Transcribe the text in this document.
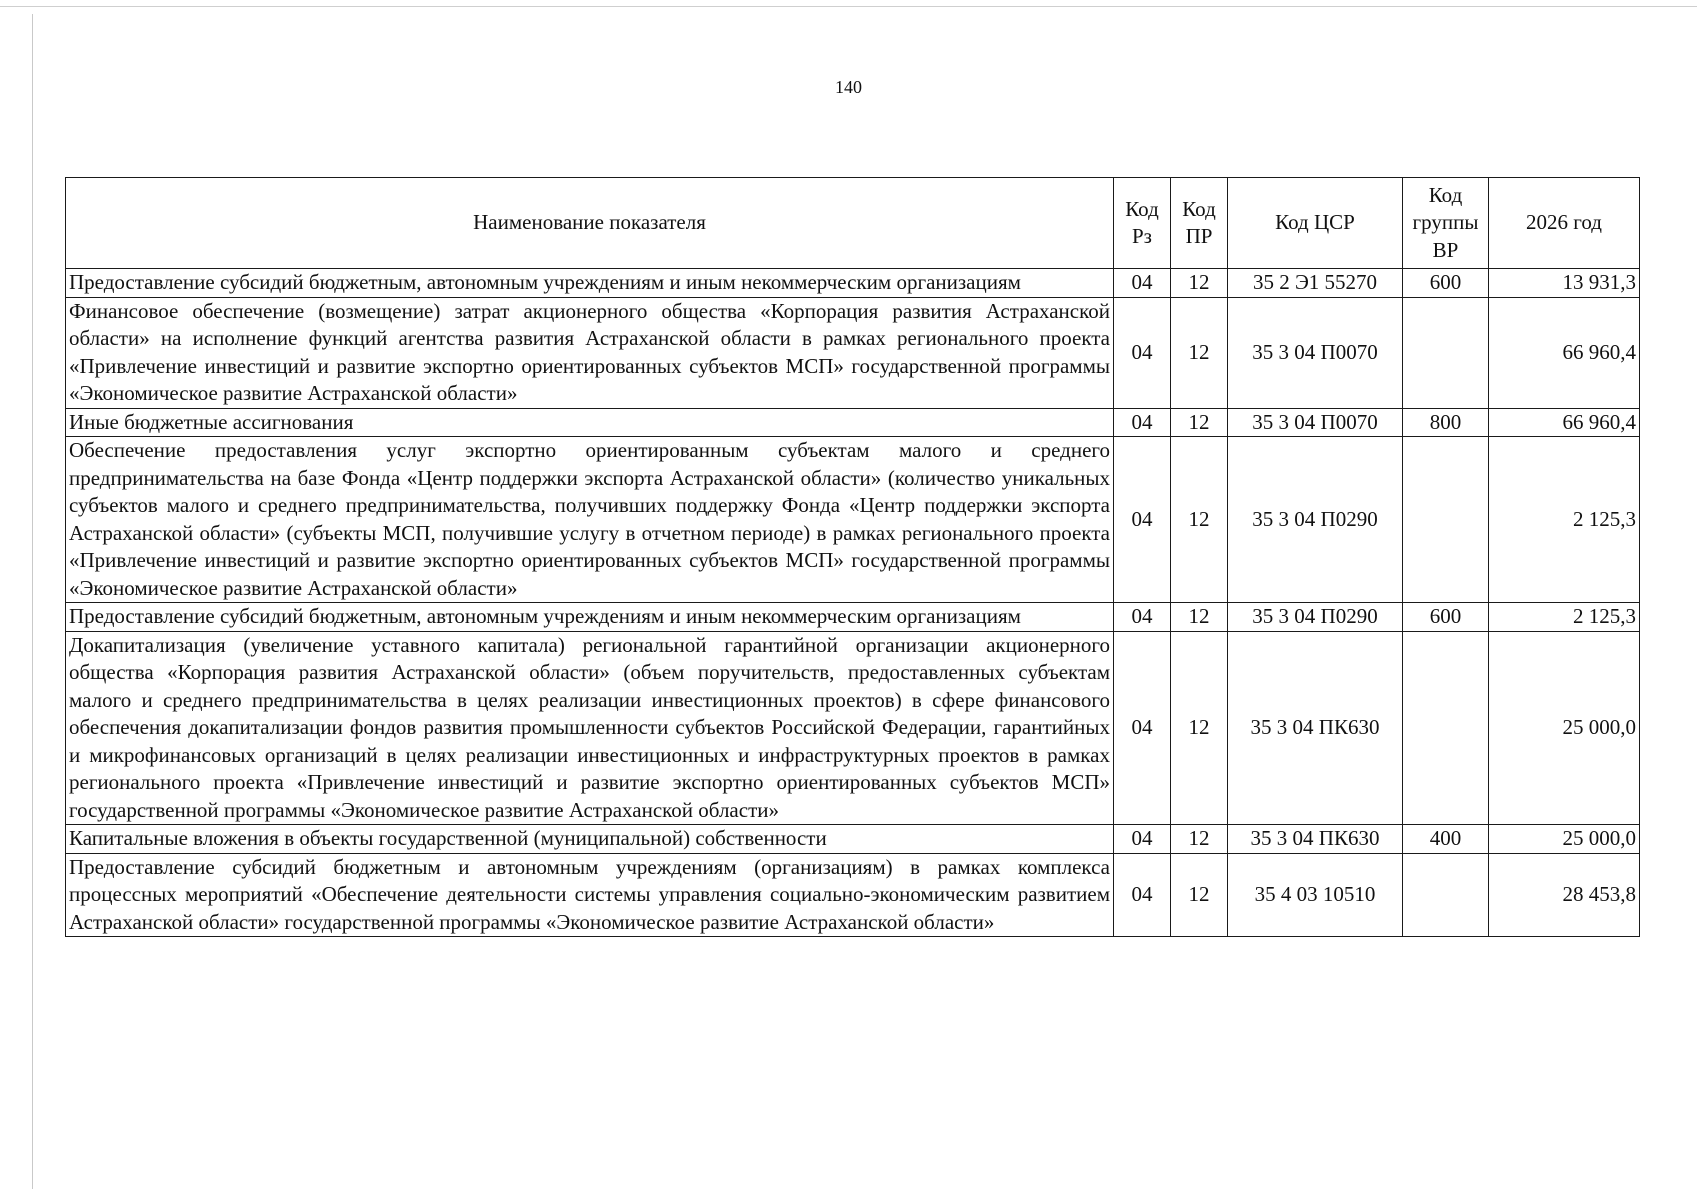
140
Наименование показателя	Код Рз	Код ПР	Код ЦСР	Код группы ВР	2026 год
Предоставление субсидий бюджетным, автономным учреждениям и иным некоммерческим организациям	04	12	35 2 Э1 55270	600	13 931,3
Финансовое обеспечение (возмещение) затрат акционерного общества «Корпорация развития Астраханской области» на исполнение функций агентства развития Астраханской области в рамках регионального проекта «Привлечение инвестиций и развитие экспортно ориентированных субъектов МСП» государственной программы «Экономическое развитие Астраханской области»	04	12	35 3 04 П0070		66 960,4
Иные бюджетные ассигнования	04	12	35 3 04 П0070	800	66 960,4
Обеспечение предоставления услуг экспортно ориентированным субъектам малого и среднего предпринимательства на базе Фонда «Центр поддержки экспорта Астраханской области» (количество уникальных субъектов малого и среднего предпринимательства, получивших поддержку Фонда «Центр поддержки экспорта Астраханской области» (субъекты МСП, получившие услугу в отчетном периоде) в рамках регионального проекта «Привлечение инвестиций и развитие экспортно ориентированных субъектов МСП» государственной программы «Экономическое развитие Астраханской области»	04	12	35 3 04 П0290		2 125,3
Предоставление субсидий бюджетным, автономным учреждениям и иным некоммерческим организациям	04	12	35 3 04 П0290	600	2 125,3
Докапитализация (увеличение уставного капитала) региональной гарантийной организации акционерного общества «Корпорация развития Астраханской области» (объем поручительств, предоставленных субъектам малого и среднего предпринимательства в целях реализации инвестиционных проектов) в сфере финансового обеспечения докапитализации фондов развития промышленности субъектов Российской Федерации, гарантийных и микрофинансовых организаций в целях реализации инвестиционных и инфраструктурных проектов в рамках регионального проекта «Привлечение инвестиций и развитие экспортно ориентированных субъектов МСП» государственной программы «Экономическое развитие Астраханской области»	04	12	35 3 04 ПК630		25 000,0
Капитальные вложения в объекты государственной (муниципальной) собственности	04	12	35 3 04 ПК630	400	25 000,0
Предоставление субсидий бюджетным и автономным учреждениям (организациям) в рамках комплекса процессных мероприятий «Обеспечение деятельности системы управления социально-экономическим развитием Астраханской области» государственной программы «Экономическое развитие Астраханской области»	04	12	35 4 03 10510		28 453,8
